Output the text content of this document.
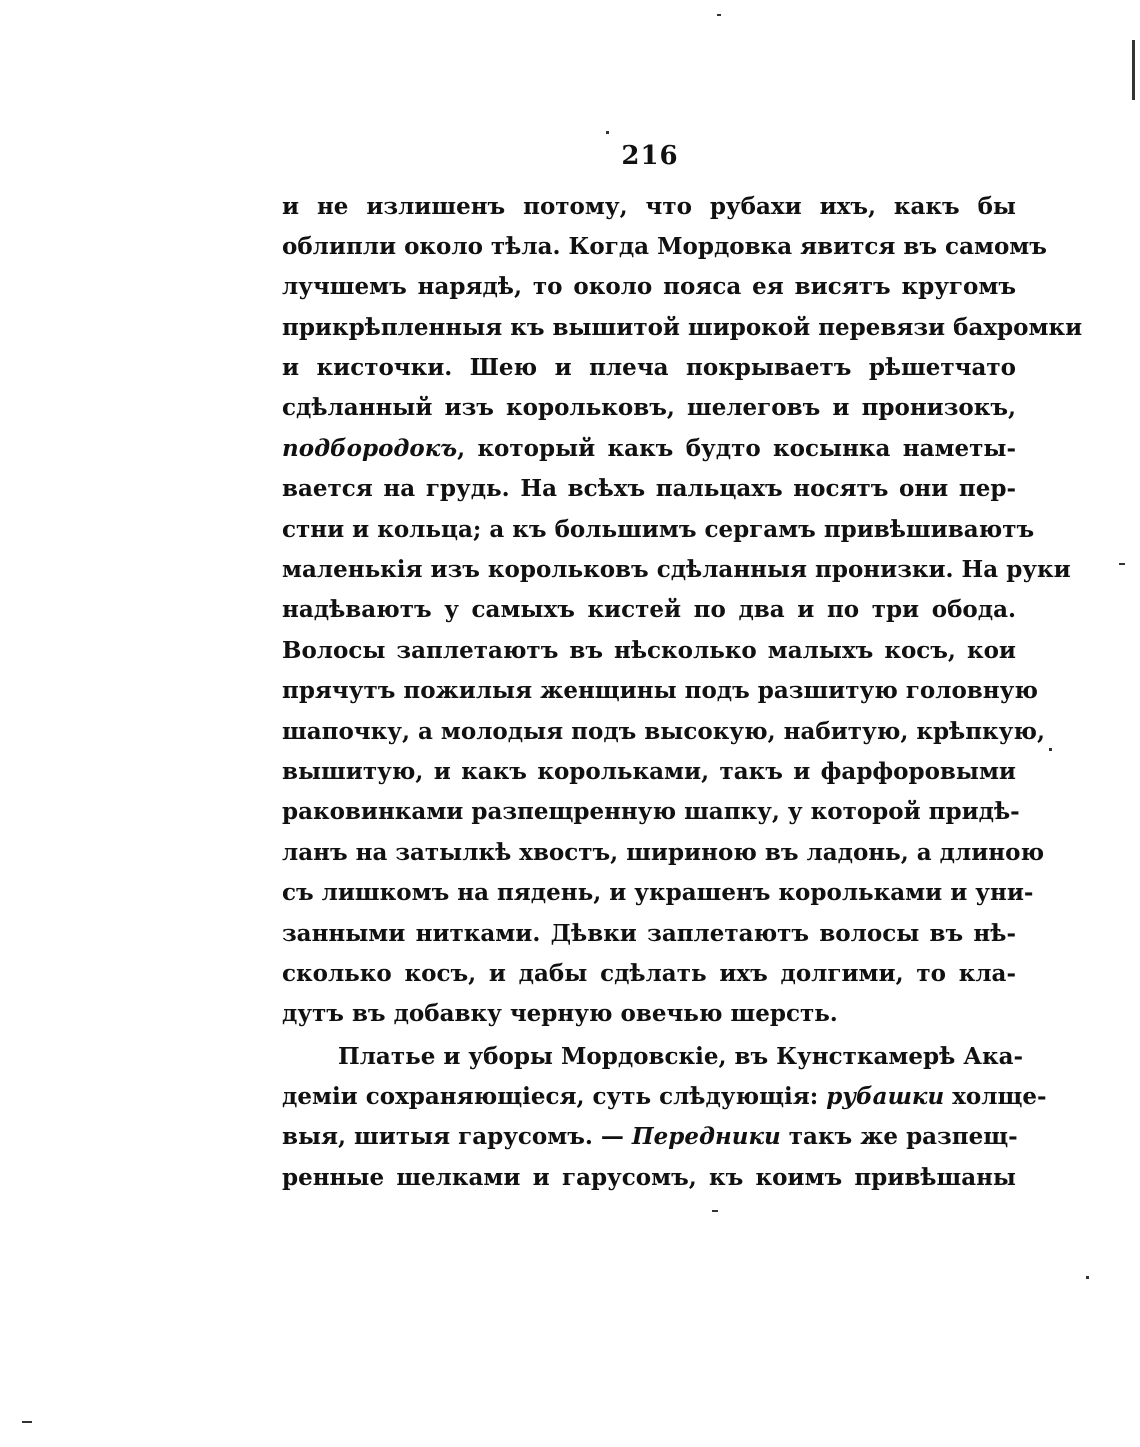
216
и не излишенъ потому, что рубахи ихъ, какъ бы
облипли около тѣла. Когда Мордовка явится въ самомъ
лучшемъ нарядѣ, то около пояса ея висятъ кругомъ
прикрѣпленныя къ вышитой широкой перевязи бахромки
и кисточки. Шею и плеча покрываетъ рѣшетчато
сдѣланный изъ корольковъ, шелеговъ и пронизокъ,
подбородокъ, который какъ будто косынка наметы-
вается на грудь. На всѣхъ пальцахъ носятъ они пер-
стни и кольца; а къ большимъ сергамъ привѣшиваютъ
маленькія изъ корольковъ сдѣланныя пронизки. На руки
надѣваютъ у самыхъ кистей по два и по три обода.
Волосы заплетаютъ въ нѣсколько малыхъ косъ, кои
прячутъ пожилыя женщины подъ разшитую головную
шапочку, а молодыя подъ высокую, набитую, крѣпкую,
вышитую, и какъ корольками, такъ и фарфоровыми
раковинками разпещренную шапку, у которой придѣ-
ланъ на затылкѣ хвостъ, шириною въ ладонь, а длиною
съ лишкомъ на пядень, и украшенъ корольками и уни-
занными нитками. Дѣвки заплетаютъ волосы въ нѣ-
сколько косъ, и дабы сдѣлать ихъ долгими, то кла-
дутъ въ добавку черную овечью шерсть.
Платье и уборы Мордовскіе, въ Кунсткамерѣ Ака-
деміи сохраняющіеся, суть слѣдующія: рубашки холще-
выя, шитыя гарусомъ. — Передники такъ же разпещ-
ренные шелками и гарусомъ, къ коимъ привѣшаны
